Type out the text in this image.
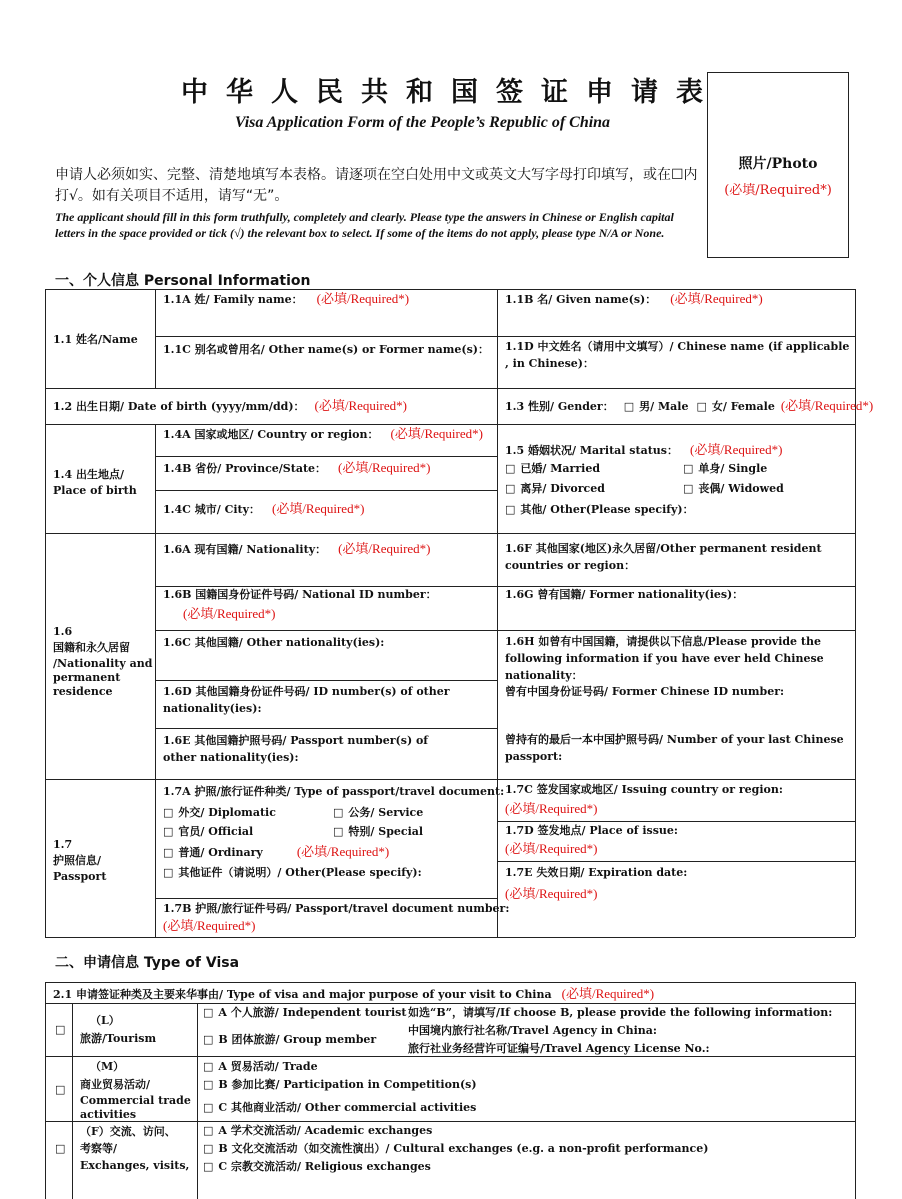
中华人民共和国签证申请表
Visa Application Form of the People’s Republic of China
照片/Photo
(必填/Required*)
申请人必须如实、完整、清楚地填写本表格。请逐项在空白处用中文或英文大写字母打印填写，或在☐内打√。如有关项目不适用，请写“无”。
The applicant should fill in this form truthfully, completely and clearly. Please type the answers in Chinese or English capital letters in the space provided or tick (√) the relevant box to select. If some of the items do not apply, please type N/A or None.
一、个人信息 Personal Information
1.1 姓名/Name
1.1A 姓/ Family name： (必填/Required*)	1.1B 名/ Given name(s)： (必填/Required*)
1.1C 别名或曾用名/ Other name(s) or Former name(s)： 1.1D 中文姓名（请用中文填写）/ Chinese name (if applicable , in Chinese)：
1.2 出生日期/ Date of birth (yyyy/mm/dd)： (必填/Required*)	1.3 性别/ Gender： □ 男/ Male □ 女/ Female (必填/Required*)
1.4 出生地点/
Place of birth
1.4A 国家或地区/ Country or region： (必填/Required*)
1.4B 省份/ Province/State： (必填/Required*)
1.4C 城市/ City： (必填/Required*)
1.5 婚姻状况/ Marital status： (必填/Required*)
□ 已婚/ Married	□ 单身/ Single
□ 离异/ Divorced	□ 丧偶/ Widowed
□ 其他/ Other(Please specify)：
1.6
国籍和永久居留
/Nationality and
permanent
residence
1.6A 现有国籍/ Nationality： (必填/Required*)	1.6F 其他国家(地区)永久居留/Other permanent resident countries or region：
1.6B 国籍国身份证件号码/ National ID number：
(必填/Required*)
1.6G 曾有国籍/ Former nationality(ies)：
1.6C 其他国籍/ Other nationality(ies):	1.6H 如曾有中国国籍，请提供以下信息/Please provide the following information if you have ever held Chinese nationality：
1.6D 其他国籍身份证件号码/ ID number(s) of other nationality(ies):
曾有中国身份证号码/ Former Chinese ID number:
1.6E 其他国籍护照号码/ Passport number(s) of other nationality(ies):
曾持有的最后一本中国护照号码/ Number of your last Chinese passport:
1.7
护照信息/
Passport
1.7A 护照/旅行证件种类/ Type of passport/travel document:
□ 外交/ Diplomatic	□ 公务/ Service
□ 官员/ Official	□ 特别/ Special
□ 普通/ Ordinary	(必填/Required*)
□ 其他证件（请说明）/ Other(Please specify):
1.7B 护照/旅行证件号码/ Passport/travel document number:
(必填/Required*)
1.7C 签发国家或地区/ Issuing country or region:
(必填/Required*)
1.7D 签发地点/ Place of issue:
(必填/Required*)
1.7E 失效日期/ Expiration date:
(必填/Required*)
二、申请信息 Type of Visa
2.1 申请签证种类及主要来华事由/ Type of visa and major purpose of your visit to China (必填/Required*)
□
（L）
旅游/Tourism
□ A 个人旅游/ Independent tourist
□ B 团体旅游/ Group member
如选“B”，请填写/If choose B, please provide the following information:
中国境内旅行社名称/Travel Agency in China:
旅行社业务经营许可证编号/Travel Agency License No.:
□
（M）
商业贸易活动/
Commercial trade
activities
□ A 贸易活动/ Trade
□ B 参加比赛/ Participation in Competition(s)
□ C 其他商业活动/ Other commercial activities
□
（F）交流、访问、
考察等/
Exchanges, visits,
□ A 学术交流活动/ Academic exchanges
□ B 文化交流活动（如交流性演出）/ Cultural exchanges (e.g. a non-profit performance)
□ C 宗教交流活动/ Religious exchanges
